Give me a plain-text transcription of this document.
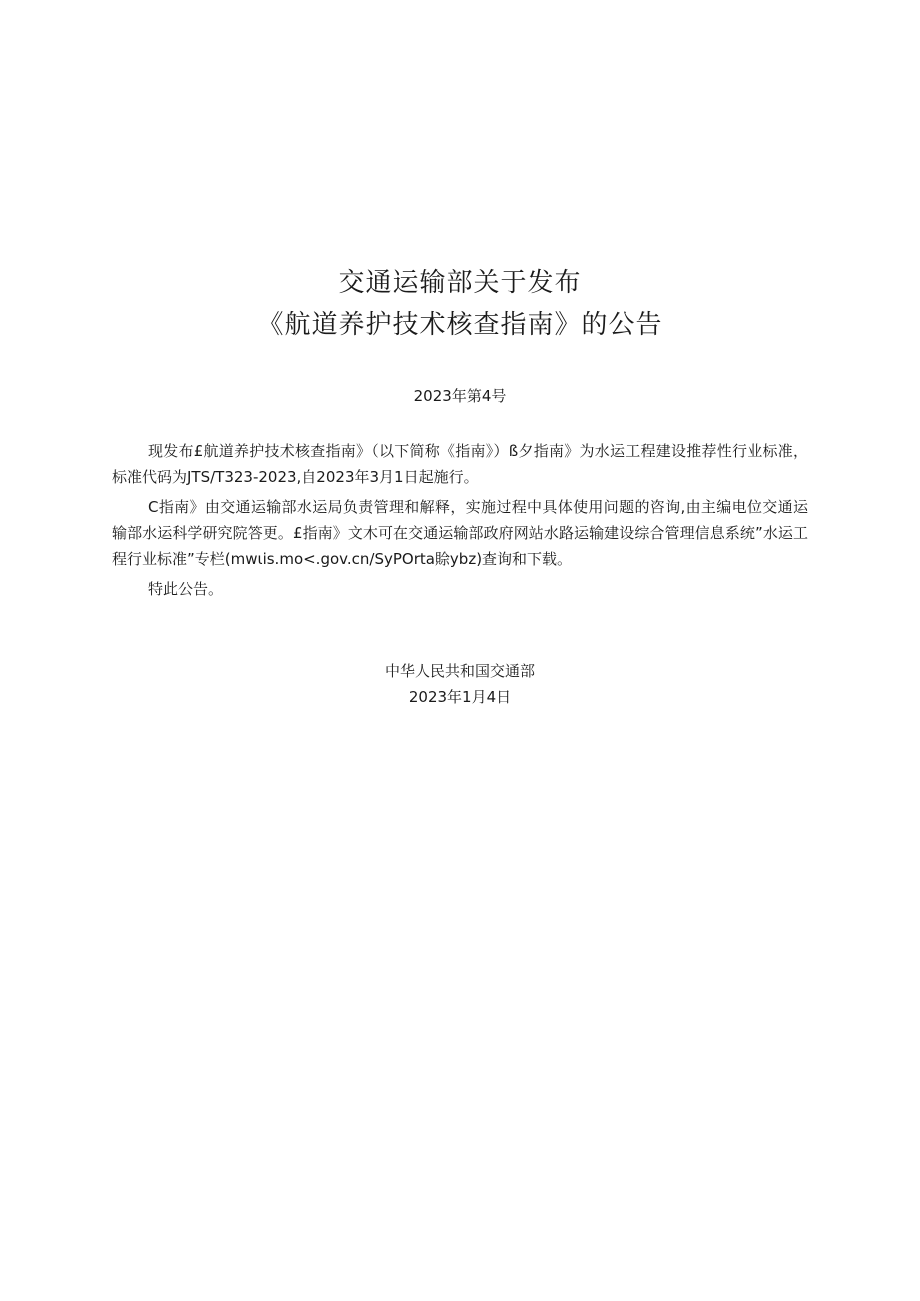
交通运输部关于发布
《航道养护技术核查指南》的公告
2023年第4号

现发布£航道养护技术核查指南》（以下简称《指南》）ß夕指南》为水运工程建设推荐性行业标准，标准代码为JTS/T323-2023,自2023年3月1日起施行。

C指南》由交通运输部水运局负责管理和解释，实施过程中具体使用问题的咨询,由主编电位交通运输部水运科学研究院答更。£指南》文木可在交通运输部政府网站水路运输建设综合管理信息系统”水运工程行业标准”专栏(mwιis.mo<.gov.cn/SyPOrta賒ybz)查询和下载。

特此公告。

中华人民共和国交通部
2023年1月4日
